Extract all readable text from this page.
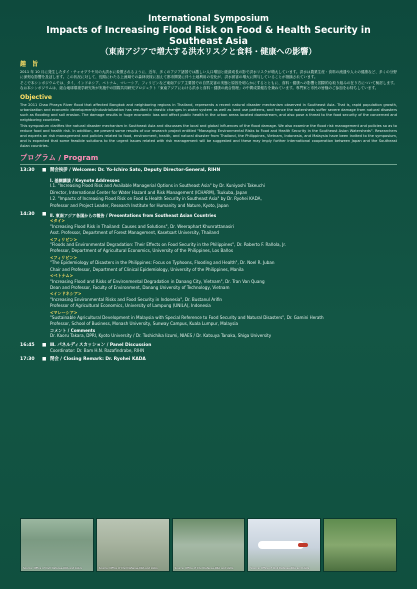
International Symposium

Impacts of Increasing Flood Risk on Food & Health Security in Southeast Asia

（東南アジアで増大する洪水リスクと食料・健康への影響）

趣　旨

2011 年 10 月に発生したタイ・チャオプラヤ川の大洪水に象徴されるように、近年、多くのアジア諸国では激しい人口増加と経済成長の影で洪水リスクが増大しています。洪水は農業生産・食料の流通や人々の健康など、多くの分野に深刻な影響を及ぼします。この状況に対して、長期にわたる上流域での森林伐採に加えて都市開発に伴う土地利用の変化が、洪水被害の増大に関与していることが指摘されています。

そこで本シンポジウムでは、タイ、インドネシア、ベトナム、マレーシア、フィリピンなど東南アジア主要国での自然災害の実態と原因を明らかにするとともに、食料・健康への影響と国際的な取り組みの在り方について検討します。なお本シンポジウムは、総合地球環境学研究所が実施中の国際共同研究プロジェクト「東南アジアにおける洪水と食料・健康の統合管理」の中間成果報告を兼ねています。専門家と市民の皆様のご参加をお待ちしています。

Objective

The 2011 Chao Phraya River flood that affected Bangkok and neighboring regions in Thailand, represents a recent natural disaster mechanism observed in Southeast Asia. That is, rapid population growth, urbanization and economic development/industrialization has resulted in drastic changes in water system as well as land use patterns, and hence the watersheds suffer severe damage from natural disasters such as flooding and soil erosion. The damage results in huge economic loss and affect public health in the urban areas located downstream, and also pose a threat to the food security of the concerned and neighboring countries.

This symposium clarifies the natural disaster mechanism in Southeast Asia and discusses the local and global influences of the flood damage. We also examine the flood risk management and policies so as to reduce food and health risk. In addition, we present some results of our research project entitled "Managing Environmental Risks to Food and Health Security in the Southeast Asian Watersheds". Researchers and experts on risk management and policies related to food, environment, health, and natural disaster from Thailand, the Philippines, Vietnam, Indonesia, and Malaysia have been invited to the symposium, and is expected that some feasible solutions to the urgent issues related with risk management will be suggested and these may imply further international cooperation between Japan and the Southeast Asian countries.

プログラム / Program
13:30	■ 開会挨拶 / Welcome: Dr. Yo-Ichiro Sato, Deputy Director-General, RIHN
Ⅰ. 基調講演 / Keynote Addresses
Ⅰ.1. "Increasing Flood Risk and Available Managerial Options in Southeast Asia" by Dr. Kuniyoshi Takeuchi
Director, International Center for Water Hazard and Risk Management (ICHARM), Tsukuba, Japan
Ⅰ.2. "Impacts of Increasing Flood Risk on Food & Health Security in Southeast Asia" by Dr. Ryohei KADA,
Professor and Project Leader, Research Institute for Humanity and Nature, Kyoto, Japan
14:30	■ Ⅱ. 東南アジア各国からの報告 / Presentations from Southeast Asian Countries
<タイ>
"Increasing Flood Risk in Thailand: Causes and Solutions", Dr. Weeraphart Khunrattanasiri
Asst. Professor, Department of Forest Management, Kasetsart University, Thailand
<フィリピン>
"Floods and Environmental Degradation: Their Effects on Food Security in the Philippines", Dr. Roberto F. Rañola, Jr.
Professor, Department of Agricultural Economics, University of the Philippines, Los Baños
<フィリピン>
"The Epidemiology of Disasters in the Philippines: Focus on Typhoons, Flooding and Health", Dr. Noel R. Juban
Chair and Professor, Department of Clinical Epidemiology, University of the Philippines, Manila
<ベトナム>
"Increasing Flood and Risks of Environmental Degradation in Danang City, Vietnam", Dr. Tran Van Quang
Dean and Professor, Faculty of Environment, Danang University of Technology, Vietnam
<インドネシア>
"Increasing Environmental Risks and Food Security in Indonesia", Dr. Bustanul Arifin
Professor of Agricultural Economics, University of Lampung (UNILA), Indonesia
<マレーシア>
"Sustainable Agricultural Development in Malaysia with Special Reference to Food Security and Natural Disasters", Dr. Gamini Herath
Professor, School of Business, Monash University, Sunway Campus, Kuala Lumpur, Malaysia
コメント / Comments
Dr. Kaoru Takara, DPRI, Kyoto University / Dr. Toshichika Iizumi, NIAES / Dr. Katsuya Tanaka, Shiga University
16:45	■ Ⅲ. パネルディスカッション / Panel Discussion
Coordinator: Dr. Bam H.N. Razafindrabe, RIHN
17:30	■ 閉会 / Closing Remark: Dr. Ryohei KADA
Source: Office of Civil Defense-RRA and LGUs	Source: Office of Civil Defense-RRA and LGUs	Source: Office of Civil Defense-RRA and LGUs	Source: Office of Civil Defense-RRA and LGUs
